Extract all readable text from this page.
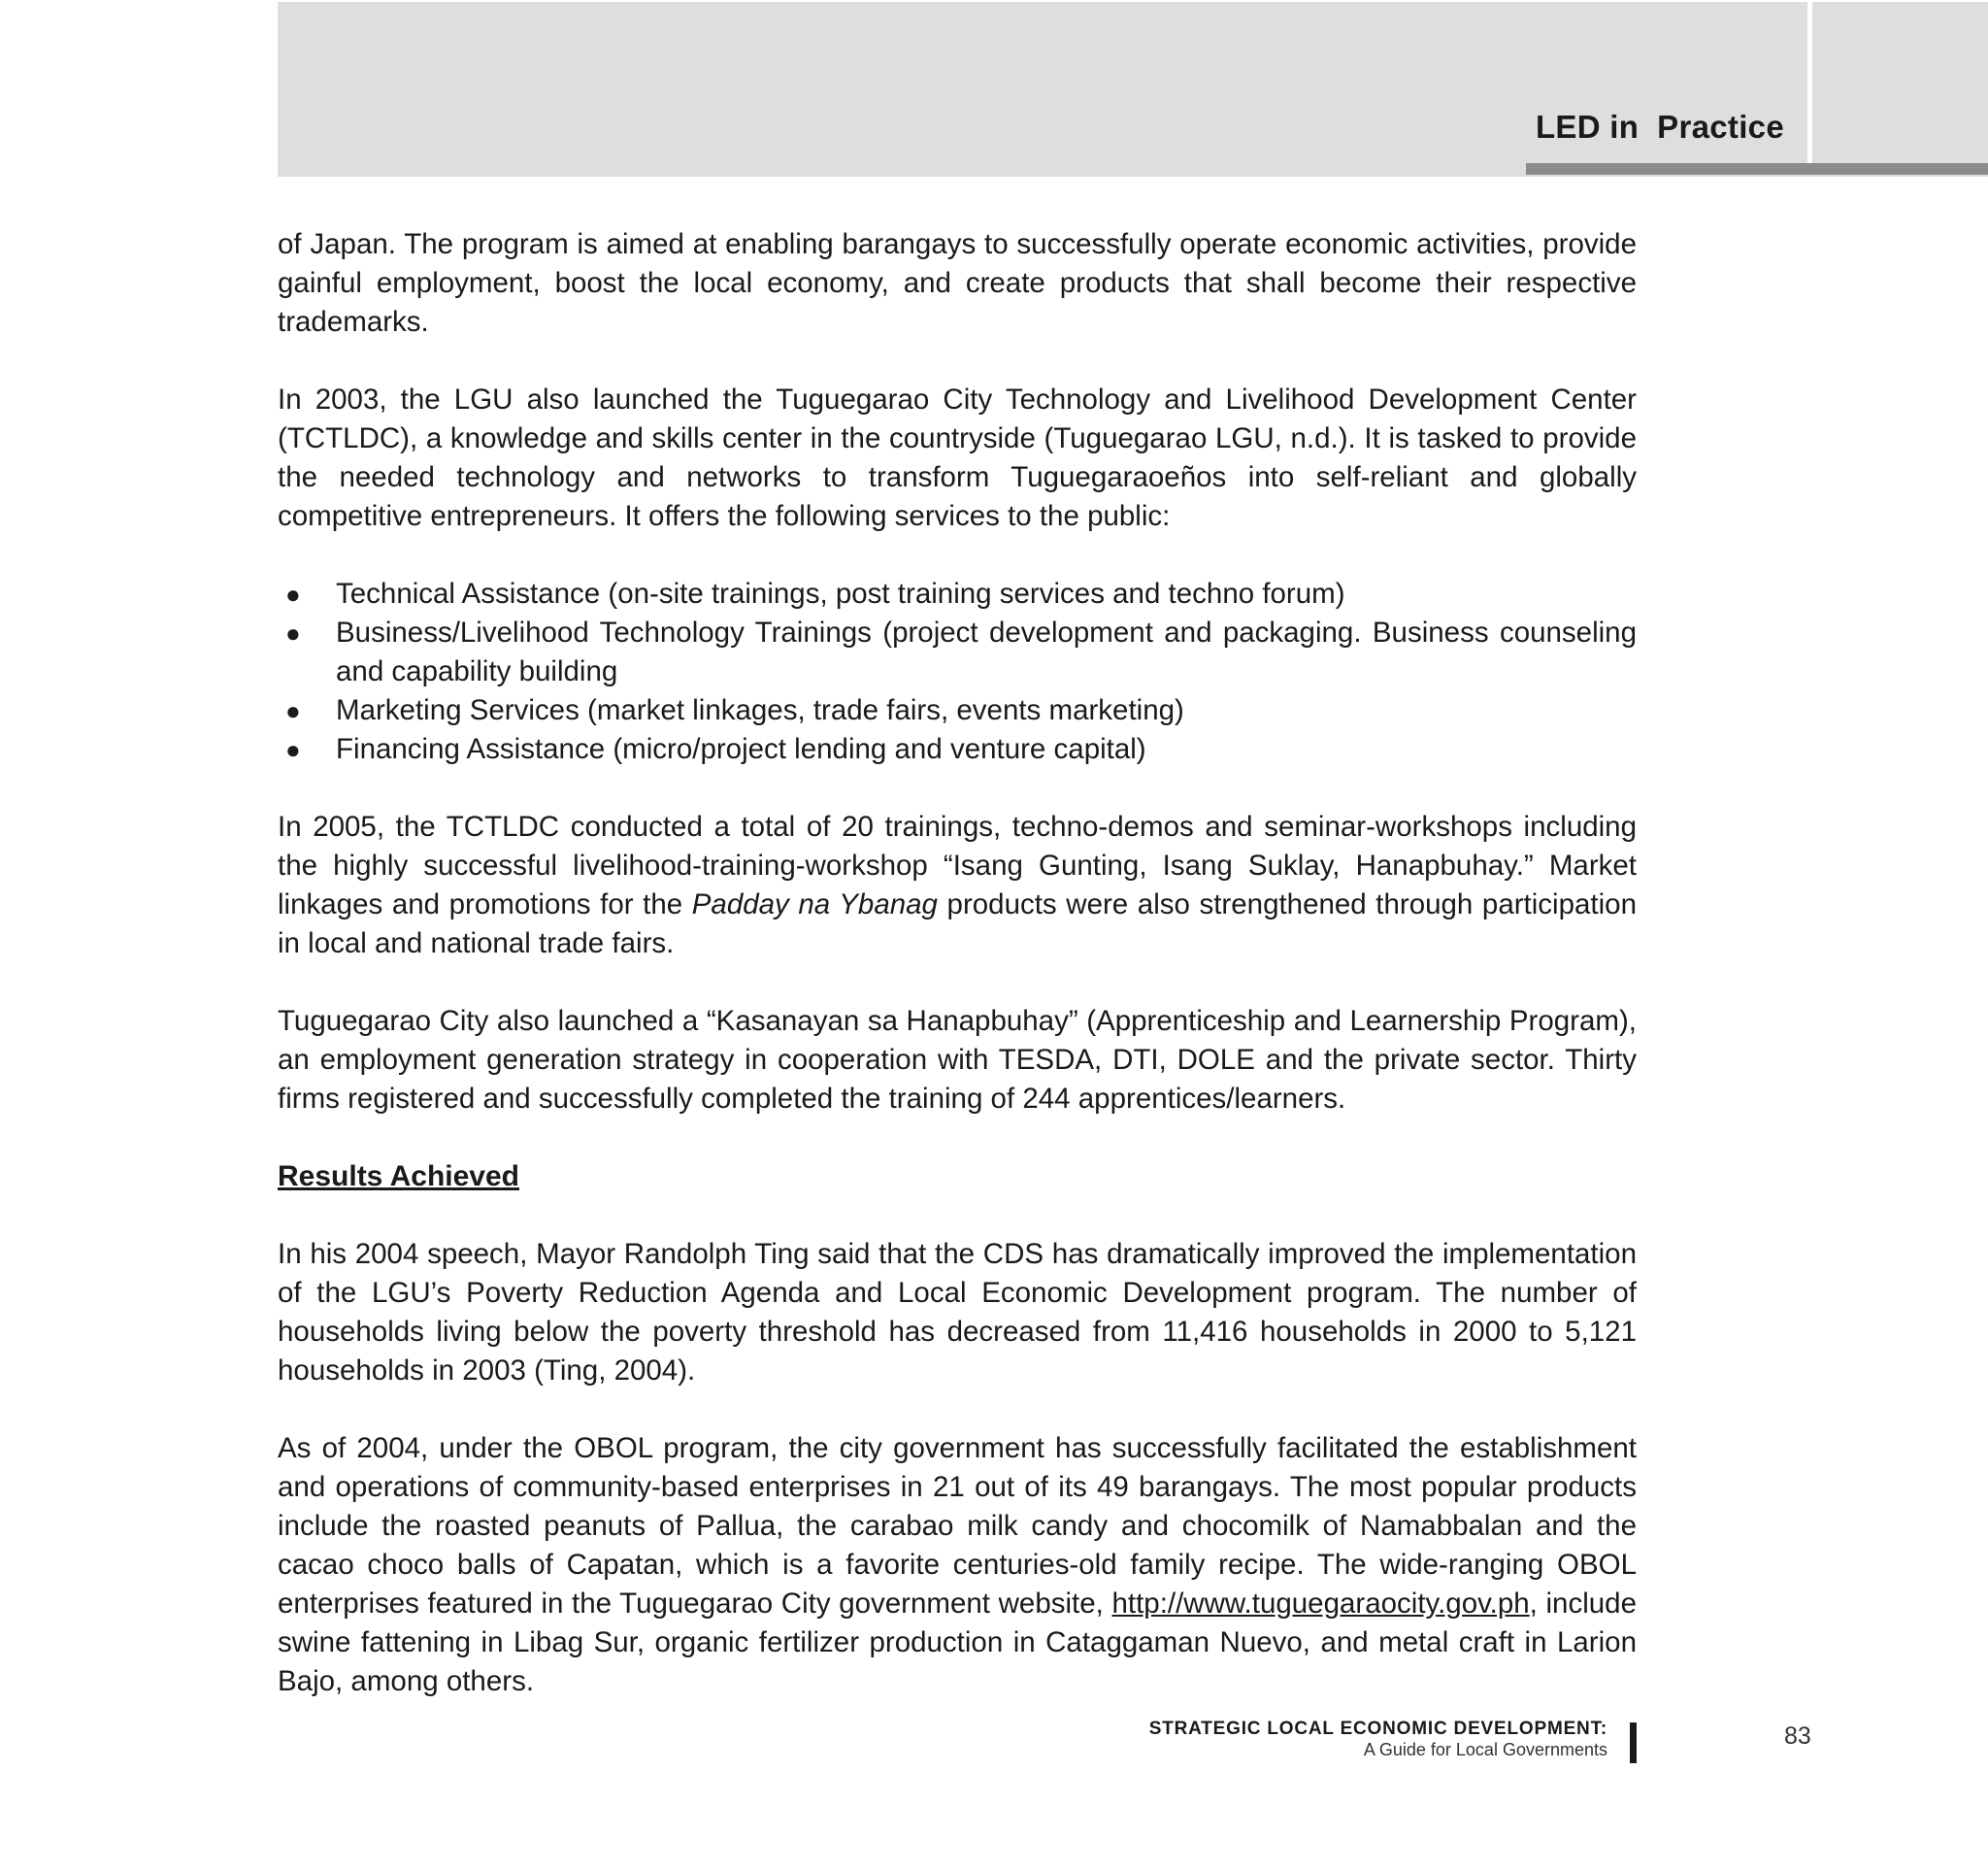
LED in  Practice

of Japan. The program is aimed at enabling barangays to successfully operate economic activities, provide gainful employment, boost the local economy, and create products that shall become their respective trademarks.

In 2003, the LGU also launched the Tuguegarao City Technology and Livelihood Development Center (TCTLDC), a knowledge and skills center in the countryside (Tuguegarao LGU, n.d.). It is tasked to provide the needed technology and networks to transform Tuguegaraoeños into self-reliant and globally competitive entrepreneurs. It offers the following services to the public:

● Technical Assistance (on-site trainings, post training services and techno forum)
● Business/Livelihood Technology Trainings (project development and packaging. Business counseling and capability building
● Marketing Services (market linkages, trade fairs, events marketing)
● Financing Assistance (micro/project lending and venture capital)

In 2005, the TCTLDC conducted a total of 20 trainings, techno-demos and seminar-workshops including the highly successful livelihood-training-workshop “Isang Gunting, Isang Suklay, Hanapbuhay.” Market linkages and promotions for the Padday na Ybanag products were also strengthened through participation in local and national trade fairs.

Tuguegarao City also launched a “Kasanayan sa Hanapbuhay” (Apprenticeship and Learnership Program), an employment generation strategy in cooperation with TESDA, DTI, DOLE and the private sector. Thirty firms registered and successfully completed the training of 244 apprentices/learners.

Results Achieved

In his 2004 speech, Mayor Randolph Ting said that the CDS has dramatically improved the implementation of the LGU’s Poverty Reduction Agenda and Local Economic Development program. The number of households living below the poverty threshold has decreased from 11,416 households in 2000 to 5,121 households in 2003 (Ting, 2004).

As of 2004, under the OBOL program, the city government has successfully facilitated the establishment and operations of community-based enterprises in 21 out of its 49 barangays. The most popular products include the roasted peanuts of Pallua, the carabao milk candy and chocomilk of Namabbalan and the cacao choco balls of Capatan, which is a favorite centuries-old family recipe. The wide-ranging OBOL enterprises featured in the Tuguegarao City government website, http://www.tuguegaraocity.gov.ph, include swine fattening in Libag Sur, organic fertilizer production in Cataggaman Nuevo, and metal craft in Larion Bajo, among others.

STRATEGIC LOCAL ECONOMIC DEVELOPMENT:
A Guide for Local Governments	83
